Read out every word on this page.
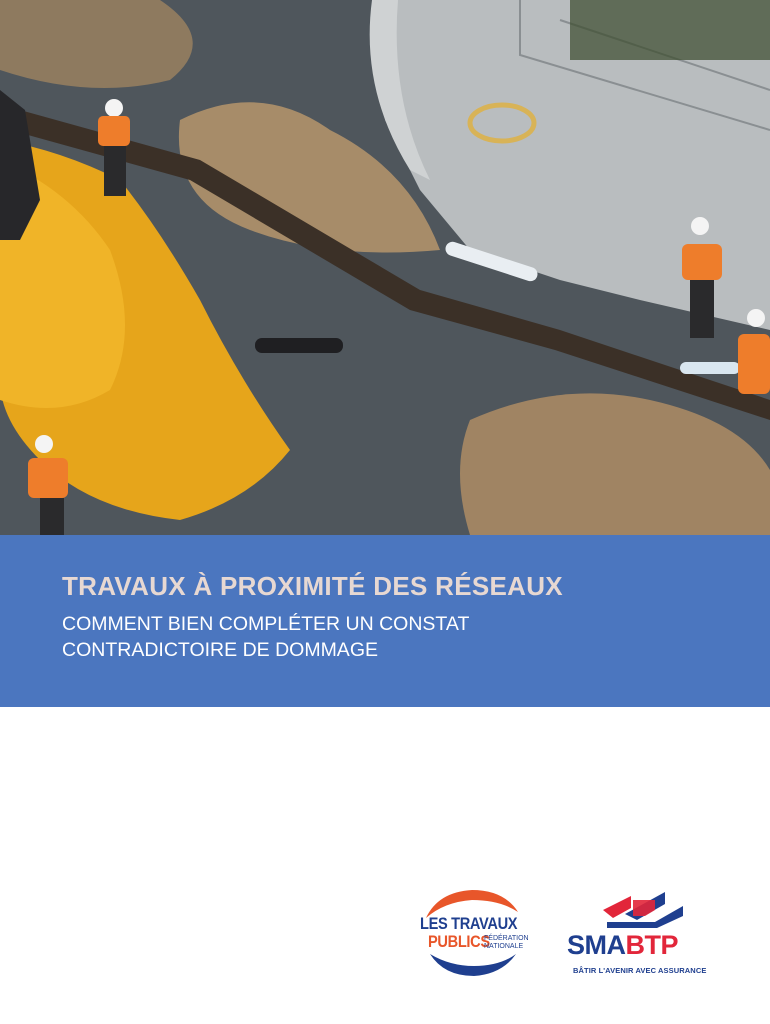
TRAVAUX À PROXIMITÉ DES RÉSEAUX
COMMENT BIEN COMPLÉTER UN CONSTAT
CONTRADICTOIRE DE DOMMAGE
LES TRAVAUX
PUBLICS
FÉDÉRATION
NATIONALE SMABTP
BÂTIR L'AVENIR AVEC ASSURANCE
